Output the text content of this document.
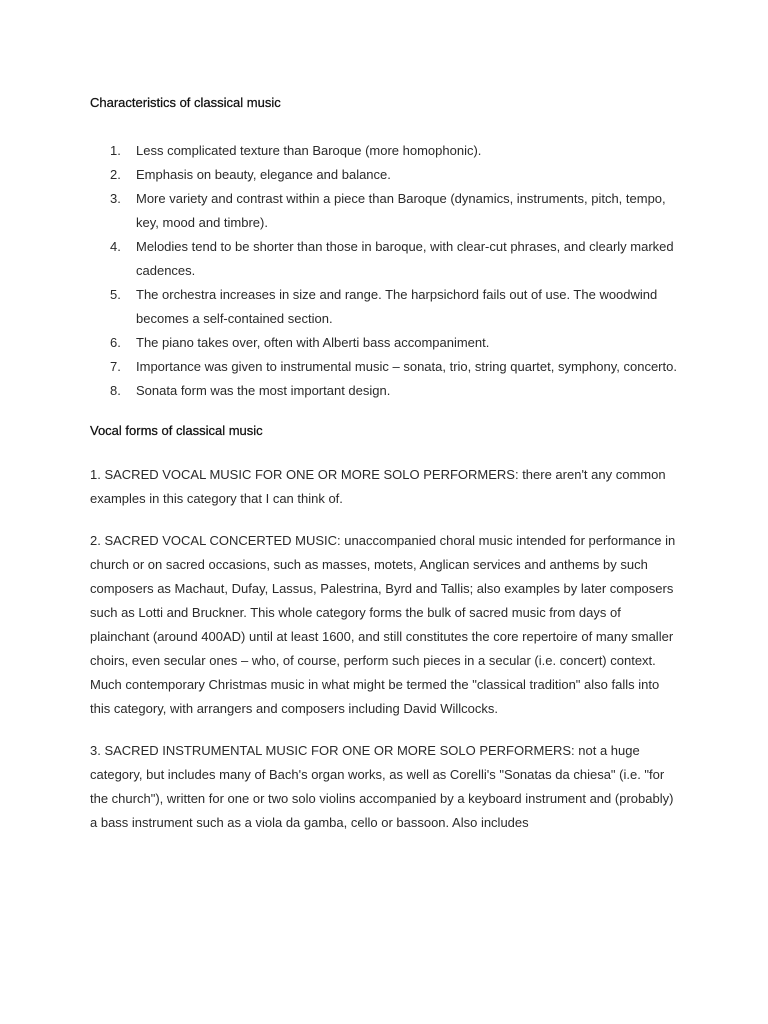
Characteristics of classical music
1. Less complicated texture than Baroque (more homophonic).
2. Emphasis on beauty, elegance and balance.
3. More variety and contrast within a piece than Baroque (dynamics, instruments, pitch, tempo, key, mood and timbre).
4. Melodies tend to be shorter than those in baroque, with clear-cut phrases, and clearly marked cadences.
5. The orchestra increases in size and range. The harpsichord fails out of use. The woodwind becomes a self-contained section.
6. The piano takes over, often with Alberti bass accompaniment.
7. Importance was given to instrumental music – sonata, trio, string quartet, symphony, concerto.
8. Sonata form was the most important design.
Vocal forms of classical music

1. SACRED VOCAL MUSIC FOR ONE OR MORE SOLO PERFORMERS: there aren't any common examples in this category that I can think of.

2. SACRED VOCAL CONCERTED MUSIC: unaccompanied choral music intended for performance in church or on sacred occasions, such as masses, motets, Anglican services and anthems by such composers as Machaut, Dufay, Lassus, Palestrina, Byrd and Tallis; also examples by later composers such as Lotti and Bruckner. This whole category forms the bulk of sacred music from days of plainchant (around 400AD) until at least 1600, and still constitutes the core repertoire of many smaller choirs, even secular ones – who, of course, perform such pieces in a secular (i.e. concert) context. Much contemporary Christmas music in what might be termed the "classical tradition" also falls into this category, with arrangers and composers including David Willcocks.

3. SACRED INSTRUMENTAL MUSIC FOR ONE OR MORE SOLO PERFORMERS: not a huge category, but includes many of Bach's organ works, as well as Corelli's "Sonatas da chiesa" (i.e. "for the church"), written for one or two solo violins accompanied by a keyboard instrument and (probably) a bass instrument such as a viola da gamba, cello or bassoon. Also includes
